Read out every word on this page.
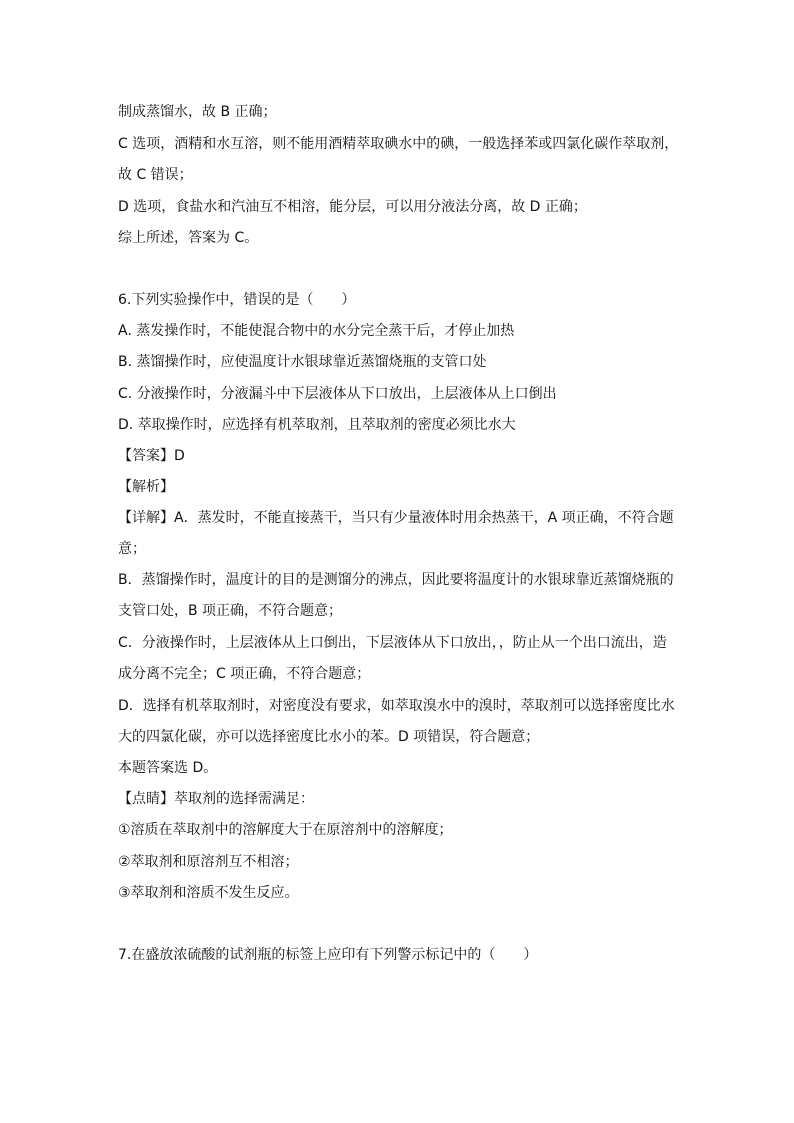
制成蒸馏水，故 B 正确；
C 选项，酒精和水互溶，则不能用酒精萃取碘水中的碘，一般选择苯或四氯化碳作萃取剂，
故 C 错误；
D 选项，食盐水和汽油互不相溶，能分层，可以用分液法分离，故 D 正确；
综上所述，答案为 C。
6.下列实验操作中，错误的是（　　）
A. 蒸发操作时，不能使混合物中的水分完全蒸干后，才停止加热
B. 蒸馏操作时，应使温度计水银球靠近蒸馏烧瓶的支管口处
C. 分液操作时，分液漏斗中下层液体从下口放出，上层液体从上口倒出
D. 萃取操作时，应选择有机萃取剂，且萃取剂的密度必须比水大
【答案】D
【解析】
【详解】A．蒸发时，不能直接蒸干，当只有少量液体时用余热蒸干，A 项正确，不符合题
意；
B．蒸馏操作时，温度计的目的是测馏分的沸点，因此要将温度计的水银球靠近蒸馏烧瓶的
支管口处，B 项正确，不符合题意；
C．分液操作时，上层液体从上口倒出，下层液体从下口放出，，防止从一个出口流出，造
成分离不完全；C 项正确，不符合题意；
D．选择有机萃取剂时，对密度没有要求，如萃取溴水中的溴时，萃取剂可以选择密度比水
大的四氯化碳，亦可以选择密度比水小的苯。D 项错误，符合题意；
本题答案选 D。
【点睛】萃取剂的选择需满足：
①溶质在萃取剂中的溶解度大于在原溶剂中的溶解度；
②萃取剂和原溶剂互不相溶；
③萃取剂和溶质不发生反应。
7.在盛放浓硫酸的试剂瓶的标签上应印有下列警示标记中的（　　）
